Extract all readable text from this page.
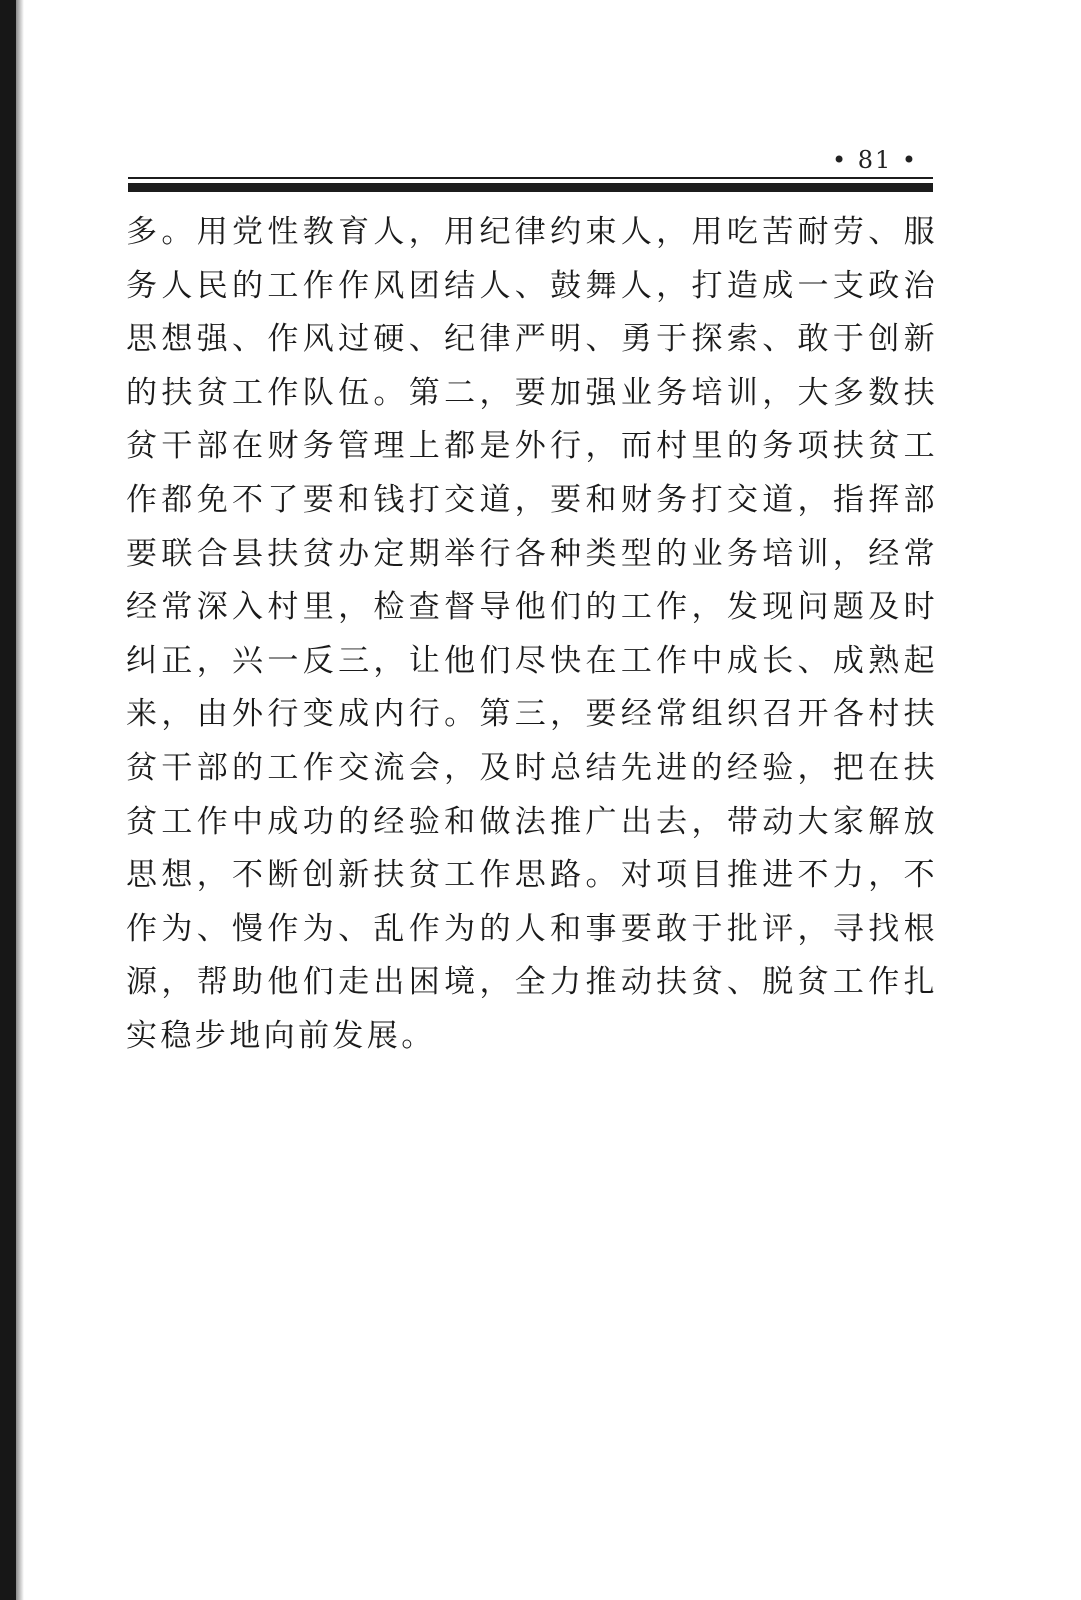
• 81 •

多。用党性教育人，用纪律约束人，用吃苦耐劳、服务人民的工作作风团结人、鼓舞人，打造成一支政治思想强、作风过硬、纪律严明、勇于探索、敢于创新的扶贫工作队伍。第二，要加强业务培训，大多数扶贫干部在财务管理上都是外行，而村里的务项扶贫工作都免不了要和钱打交道，要和财务打交道，指挥部要联合县扶贫办定期举行各种类型的业务培训，经常经常深入村里，检查督导他们的工作，发现问题及时纠正，兴一反三，让他们尽快在工作中成长、成熟起来，由外行变成内行。第三，要经常组织召开各村扶贫干部的工作交流会，及时总结先进的经验，把在扶贫工作中成功的经验和做法推广出去，带动大家解放思想，不断创新扶贫工作思路。对项目推进不力，不作为、慢作为、乱作为的人和事要敢于批评，寻找根源，帮助他们走出困境，全力推动扶贫、脱贫工作扎实稳步地向前发展。
